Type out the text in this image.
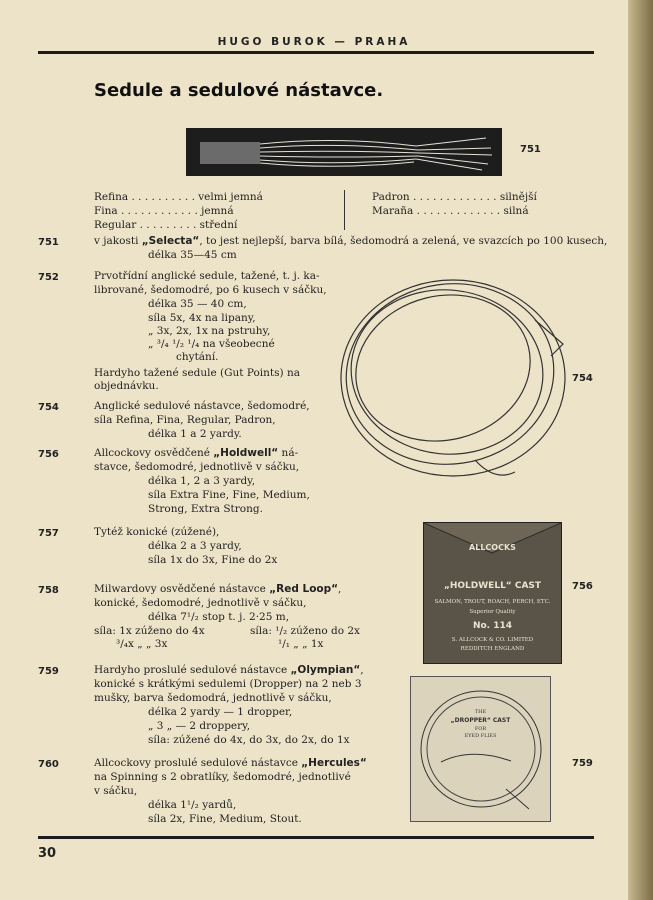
HUGO BUROK — PRAHA
Sedule a sedulové nástavce.
751
Refina . . . . . . . . . . velmi jemná
Fina . . . . . . . . . . . . jemná
Regular . . . . . . . . . střední
Padron . . . . . . . . . . . . . silnější
Maraña . . . . . . . . . . . . . silná
751	v jakosti „Selecta“, to jest nejlepší, barva bílá, šedomodrá a zelená, ve svazcích po 100 kusech,
délka 35—45 cm
752	Prvotřídní anglické sedule, tažené, t. j. ka-
librované, šedomodré, po 6 kusech v sáčku,
délka 35 — 40 cm,
síla 5x, 4x na lipany,
„ 3x, 2x, 1x na pstruhy,
„ ³/₄ ¹/₂ ¹/₄ na všeobecné
chytání.
Hardyho tažené sedule (Gut Points) na
objednávku.
754
754	Anglické sedulové nástavce, šedomodré,
síla Refina, Fina, Regular, Padron,
délka 1 a 2 yardy.
756	Allcockovy osvědčené „Holdwell“ ná-
stavce, šedomodré, jednotlivě v sáčku,
délka 1, 2 a 3 yardy,
síla Extra Fine, Fine, Medium,
Strong, Extra Strong.
ALLCOCKS
„HOLDWELL“ CAST
SALMON, TROUT, ROACH, PERCH, ETC.
Superior Quality
No. 114
S. ALLCOCK & CO. LIMITED
REDDITCH ENGLAND
756
757	Tytéž konické (zúžené),
délka 2 a 3 yardy,
síla 1x do 3x, Fine do 2x
758	Milwardovy osvědčené nástavce „Red Loop“,
konické, šedomodré, jednotlivě v sáčku,
délka 7¹/₂ stop t. j. 2·25 m,
síla: 1x zúženo do 4x	síla: ¹/₂ zúženo do 2x
³/₄x „ „ 3x	¹/₁ „ „ 1x
759	Hardyho proslulé sedulové nástavce „Olympian“,
konické s krátkými sedulemi (Dropper) na 2 neb 3
mušky, barva šedomodrá, jednotlivě v sáčku,
délka 2 yardy — 1 dropper,
„ 3 „ — 2 droppery,
síla: zúžené do 4x, do 3x, do 2x, do 1x
THE
„DROPPER“ CAST
FOR
EYED FLIES
759
760	Allcockovy proslulé sedulové nástavce „Hercules“
na Spinning s 2 obratlíky, šedomodré, jednotlivé
v sáčku,
délka 1¹/₂ yardů,
síla 2x, Fine, Medium, Stout.
30
